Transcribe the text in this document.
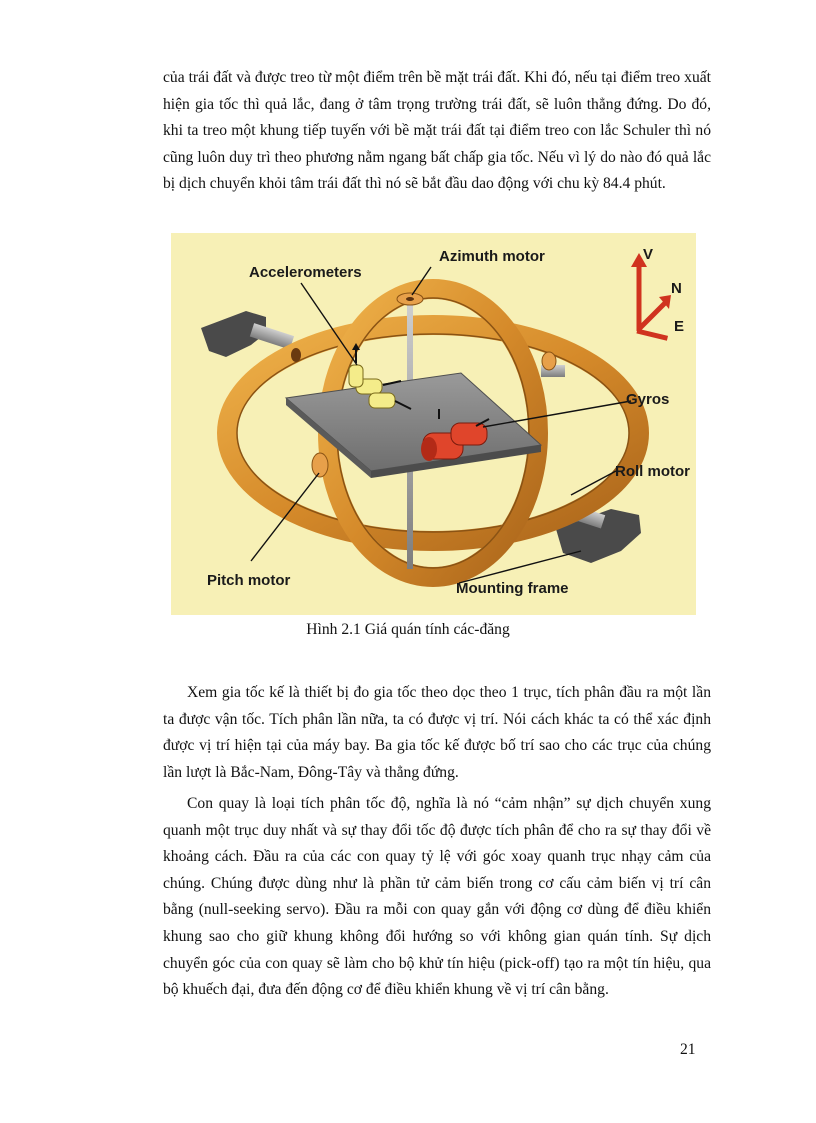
của trái đất và được treo từ một điểm trên bề mặt trái đất. Khi đó, nếu tại điểm treo xuất hiện gia tốc thì quả lắc, đang ở tâm trọng trường trái đất, sẽ luôn thẳng đứng. Do đó, khi ta treo một khung tiếp tuyến với bề mặt trái đất tại điểm treo con lắc Schuler thì nó cũng luôn duy trì theo phương nằm ngang bất chấp gia tốc. Nếu vì lý do nào đó quả lắc bị dịch chuyển khỏi tâm trái đất thì nó sẽ bắt đầu dao động với chu kỳ 84.4 phút.

Accelerometers
Azimuth motor
Gyros
Roll motor
Pitch motor	Mounting frame
V
N
E
Hình 2.1 Giá quán tính các-đăng

Xem gia tốc kế là thiết bị đo gia tốc theo dọc theo 1 trục, tích phân đầu ra một lần ta được vận tốc. Tích phân lần nữa, ta có được vị trí. Nói cách khác ta có thể xác định được vị trí hiện tại của máy bay. Ba gia tốc kế được bố trí sao cho các trục của chúng lần lượt là Bắc-Nam, Đông-Tây và thẳng đứng.

Con quay là loại tích phân tốc độ, nghĩa là nó “cảm nhận” sự dịch chuyển xung quanh một trục duy nhất và sự thay đổi tốc độ được tích phân để cho ra sự thay đổi về khoảng cách. Đầu ra của các con quay tỷ lệ với góc xoay quanh trục nhạy cảm của chúng. Chúng được dùng như là phần tử cảm biến trong cơ cấu cảm biến vị trí cân bằng (null-seeking servo). Đầu ra mỗi con quay gắn với động cơ dùng để điều khiển khung sao cho giữ khung không đổi hướng so với không gian quán tính. Sự dịch chuyển góc của con quay sẽ làm cho bộ khử tín hiệu (pick-off) tạo ra một tín hiệu, qua bộ khuếch đại, đưa đến động cơ để điều khiển khung về vị trí cân bằng.

21
